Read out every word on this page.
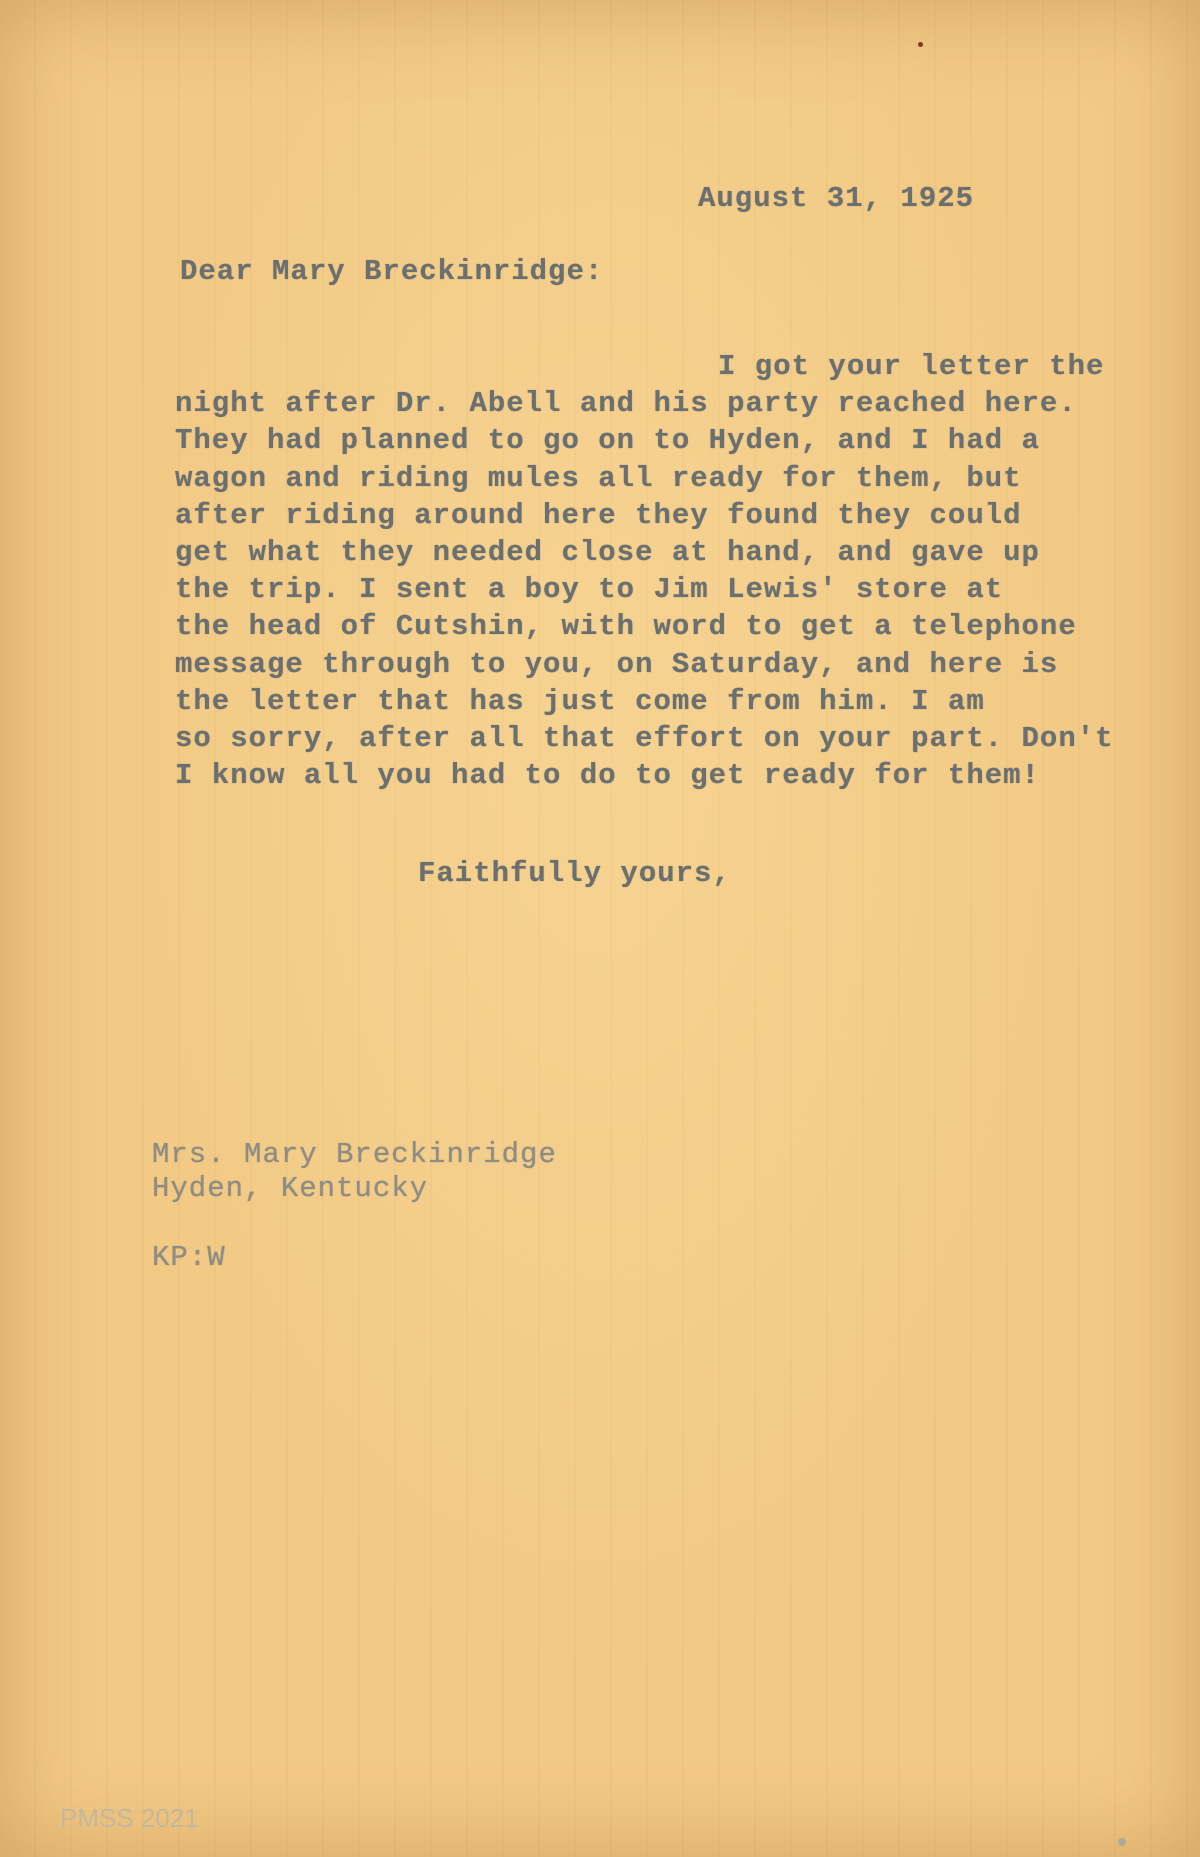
August 31, 1925
Dear Mary Breckinridge:
I got your letter the
night after Dr. Abell and his party reached here.
They had planned to go on to Hyden, and I had a
wagon and riding mules all ready for them, but
after riding around here they found they could
get what they needed close at hand, and gave up
the trip. I sent a boy to Jim Lewis' store at
the head of Cutshin, with word to get a telephone
message through to you, on Saturday, and here is
the letter that has just come from him. I am
so sorry, after all that effort on your part. Don't
I know all you had to do to get ready for them!
Faithfully yours,
Mrs. Mary Breckinridge
Hyden, Kentucky
KP:W
PMSS 2021
